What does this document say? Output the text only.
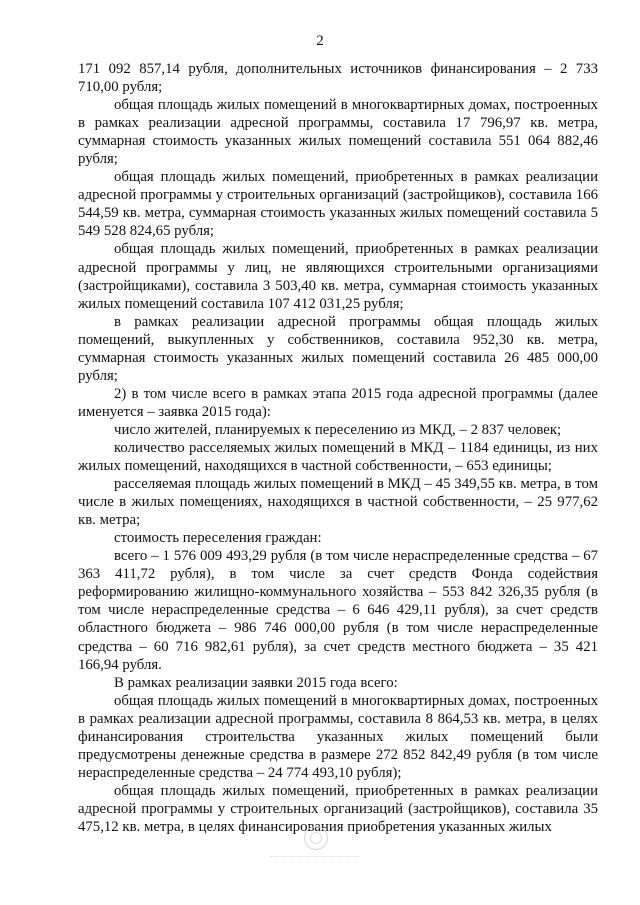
2

171 092 857,14 рубля, дополнительных источников финансирования – 2 733 710,00 рубля;

общая площадь жилых помещений в многоквартирных домах, построенных в рамках реализации адресной программы, составила 17 796,97 кв. метра, суммарная стоимость указанных жилых помещений составила 551 064 882,46 рубля;

общая площадь жилых помещений, приобретенных в рамках реализации адресной программы у строительных организаций (застройщиков), составила 166 544,59 кв. метра, суммарная стоимость указанных жилых помещений составила 5 549 528 824,65 рубля;

общая площадь жилых помещений, приобретенных в рамках реализации адресной программы у лиц, не являющихся строительными организациями (застройщиками), составила 3 503,40 кв. метра, суммарная стоимость указанных жилых помещений составила 107 412 031,25 рубля;

в рамках реализации адресной программы общая площадь жилых помещений, выкупленных у собственников, составила 952,30 кв. метра, суммарная стоимость указанных жилых помещений составила 26 485 000,00 рубля;

2) в том числе всего в рамках этапа 2015 года адресной программы (далее именуется – заявка 2015 года):

число жителей, планируемых к переселению из МКД, – 2 837 человек;

количество расселяемых жилых помещений в МКД – 1184 единицы, из них жилых помещений, находящихся в частной собственности, – 653 единицы;

расселяемая площадь жилых помещений в МКД – 45 349,55 кв. метра, в том числе в жилых помещениях, находящихся в частной собственности, – 25 977,62 кв. метра;

стоимость переселения граждан:

всего – 1 576 009 493,29 рубля (в том числе нераспределенные средства – 67 363 411,72 рубля), в том числе за счет средств Фонда содействия реформированию жилищно-коммунального хозяйства – 553 842 326,35 рубля (в том числе нераспределенные средства – 6 646 429,11 рубля), за счет средств областного бюджета – 986 746 000,00 рубля (в том числе нераспределенные средства – 60 716 982,61 рубля), за счет средств местного бюджета – 35 421 166,94 рубля.

В рамках реализации заявки 2015 года всего:

общая площадь жилых помещений в многоквартирных домах, построенных в рамках реализации адресной программы, составила 8 864,53 кв. метра, в целях финансирования строительства указанных жилых помещений были предусмотрены денежные средства в размере 272 852 842,49 рубля (в том числе нераспределенные средства – 24 774 493,10 рубля);

общая площадь жилых помещений, приобретенных в рамках реализации адресной программы у строительных организаций (застройщиков), составила 35 475,12 кв. метра, в целях финансирования приобретения указанных жилых
